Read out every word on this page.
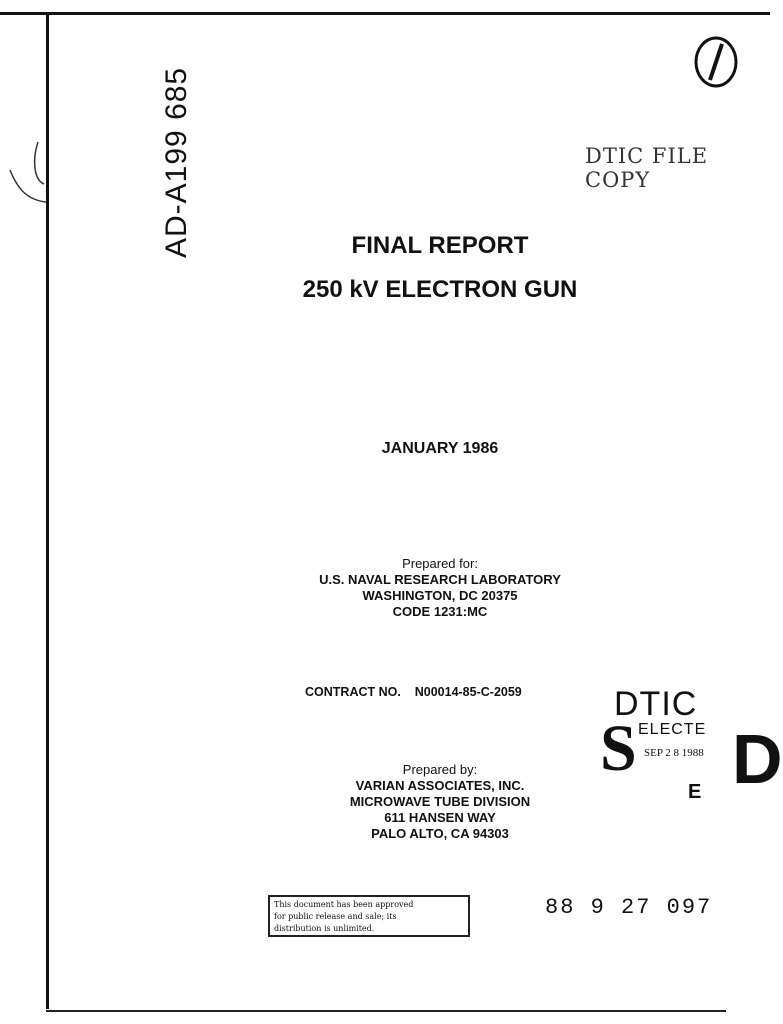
AD-A199 685	DTIC FILE COPY
FINAL REPORT
250 kV ELECTRON GUN
JANUARY 1986
Prepared for:
U.S. NAVAL RESEARCH LABORATORY
WASHINGTON, DC 20375
CODE 1231:MC
CONTRACT NO. N00014-85-C-2059
Prepared by:
VARIAN ASSOCIATES, INC.
MICROWAVE TUBE DIVISION
611 HANSEN WAY
PALO ALTO, CA 94303
DTIC
ELECTE
SEP 2 8 1988
S D
E
This document has been approved
for public release and sale; its
distribution is unlimited.
88 9 27 097
